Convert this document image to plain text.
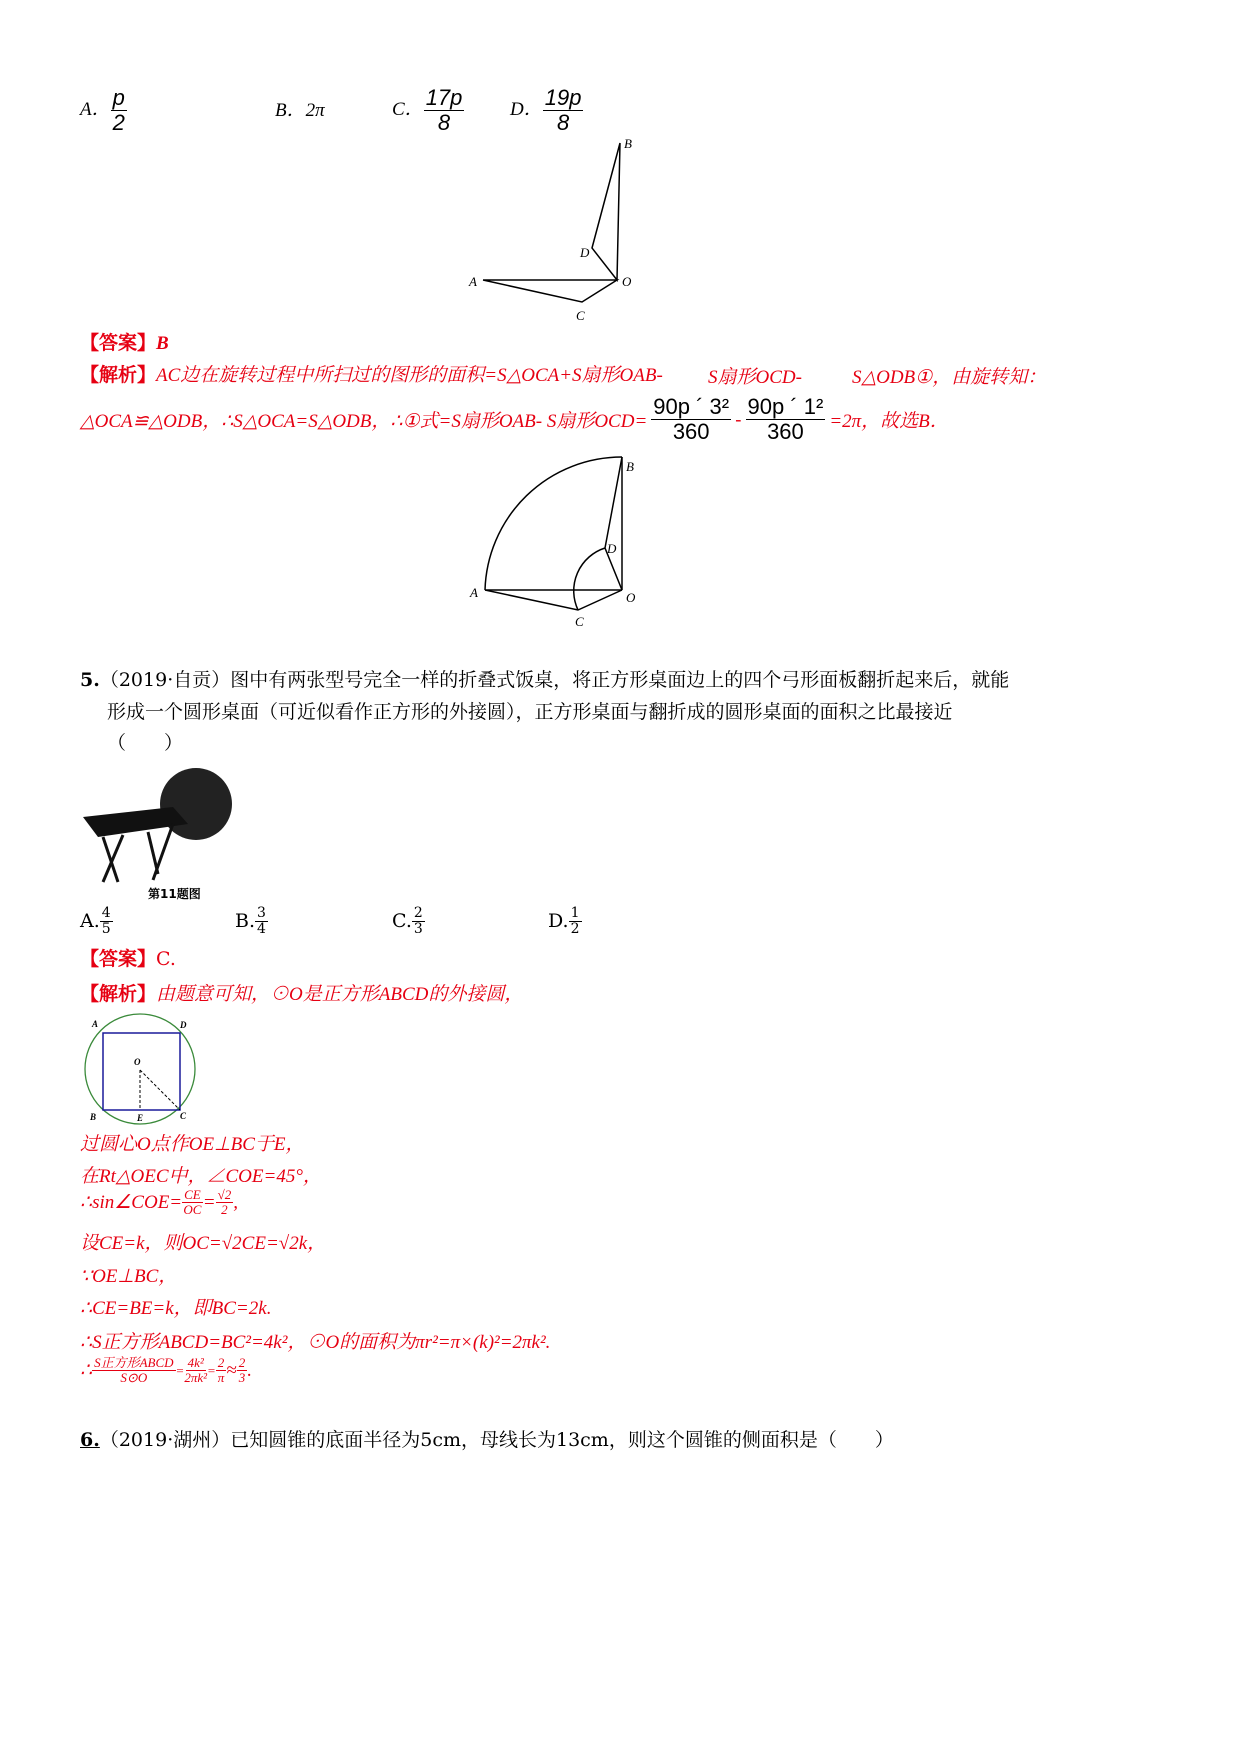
A． $\frac{p}{2}$	B．2π	C． $\frac{17p}{8}$ D． $\frac{19p}{8}$
B
D
O
A
C
【答案】B
【解析】AC边在旋转过程中所扫过的图形的面积=S△OCA+S扇形OAB- S扇形OCD-	S△ODB①，由旋转知：
△OCA≌△ODB，∴S△OCA=S△ODB，∴①式=S扇形OAB- S扇形$OCD= \frac{\text{90p ´ 3²}}{360} - \frac{\text{90p ´ 1²}}{360} =2\pi$，故选B．
B
D
O
A
C
5.（2019·自贡）图中有两张型号完全一样的折叠式饭桌，将正方形桌面边上的四个弓形面板翻折起来后，就能
形成一个圆形桌面（可近似看作正方形的外接圆），正方形桌面与翻折成的圆形桌面的面积之比最接近
（　　）
第11题图
A. $\frac{4}{5}$	B. $\frac{3}{4}$	C. $\frac{2}{3}$	D. $\frac{1}{2}$
【答案】C.
【解析】由题意可知，⊙O是正方形ABCD的外接圆，
A	D
O
B	E	C
过圆心O点作OE⊥BC于E，
在Rt△OEC中，∠COE=45°，
∴sin∠COE= $\frac{CE}{OC} = \frac{√2}{2}$ ,
设CE=k，则OC=√2CE=√2k，
∵OE⊥BC，
∴CE=BE=k，即BC=2k.
∴S正方形ABCD=BC²=4k²，⊙O的面积为πr²=π×(k)²=2πk².
∴ $\frac{\text{S正方形ABCD}}{S⊙O} = \frac{\text{4k²}}{\text{2πk²}} = \frac{2}{\pi} \approx \frac{2}{3}$ .
6.（2019·湖州）已知圆锥的底面半径为5cm，母线长为13cm，则这个圆锥的侧面积是（　　）
